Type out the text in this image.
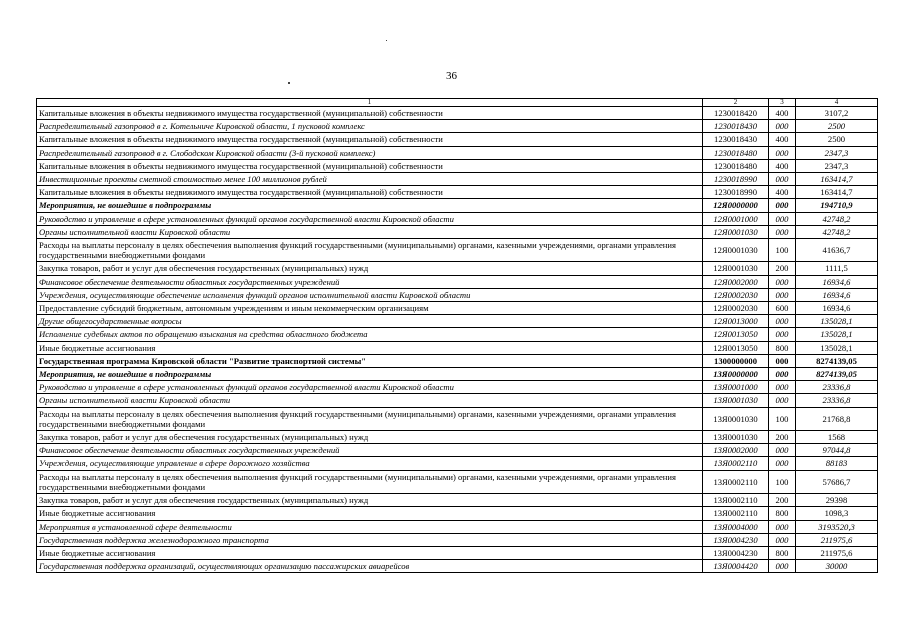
36
1	2	3	4
Капитальные вложения в объекты недвижимого имущества государственной (муниципальной) собственности	1230018420	400	3107,2
Распределительный газопровод в г. Котельниче Кировской области, 1 пусковой комплекс	1230018430	000	2500
Капитальные вложения в объекты недвижимого имущества государственной (муниципальной) собственности	1230018430	400	2500
Распределительный газопровод в г. Слободском Кировской области (3-й пусковой комплекс)	1230018480	000	2347,3
Капитальные вложения в объекты недвижимого имущества государственной (муниципальной) собственности	1230018480	400	2347,3
Инвестиционные проекты сметной стоимостью менее 100 миллионов рублей	1230018990	000	163414,7
Капитальные вложения в объекты недвижимого имущества государственной (муниципальной) собственности	1230018990	400	163414,7
Мероприятия, не вошедшие в подпрограммы	12Я0000000	000	194710,9
Руководство и управление в сфере установленных функций органов государственной власти Кировской области	12Я0001000	000	42748,2
Органы исполнительной власти Кировской области	12Я0001030	000	42748,2
Расходы на выплаты персоналу в целях обеспечения выполнения функций государственными (муниципальными) органами, казенными учреждениями, органами управления государственными внебюджетными фондами	12Я0001030	100	41636,7
Закупка товаров, работ и услуг для обеспечения государственных (муниципальных) нужд	12Я0001030	200	1111,5
Финансовое обеспечение деятельности областных государственных учреждений	12Я0002000	000	16934,6
Учреждения, осуществляющие обеспечение исполнения функций органов исполнительной власти Кировской области	12Я0002030	000	16934,6
Предоставление субсидий бюджетным, автономным учреждениям и иным некоммерческим организациям	12Я0002030	600	16934,6
Другие общегосударственные вопросы	12Я0013000	000	135028,1
Исполнение судебных актов по обращению взыскания на средства областного бюджета	12Я0013050	000	135028,1
Иные бюджетные ассигнования	12Я0013050	800	135028,1
Государственная программа Кировской области "Развитие транспортной системы"	1300000000	000	8274139,05
Мероприятия, не вошедшие в подпрограммы	13Я0000000	000	8274139,05
Руководство и управление в сфере установленных функций органов государственной власти Кировской области	13Я0001000	000	23336,8
Органы исполнительной власти Кировской области	13Я0001030	000	23336,8
Расходы на выплаты персоналу в целях обеспечения выполнения функций государственными (муниципальными) органами, казенными учреждениями, органами управления государственными внебюджетными фондами	13Я0001030	100	21768,8
Закупка товаров, работ и услуг для обеспечения государственных (муниципальных) нужд	13Я0001030	200	1568
Финансовое обеспечение деятельности областных государственных учреждений	13Я0002000	000	97044,8
Учреждения, осуществляющие управление в сфере дорожного хозяйства	13Я0002110	000	88183
Расходы на выплаты персоналу в целях обеспечения выполнения функций государственными (муниципальными) органами, казенными учреждениями, органами управления государственными внебюджетными фондами	13Я0002110	100	57686,7
Закупка товаров, работ и услуг для обеспечения государственных (муниципальных) нужд	13Я0002110	200	29398
Иные бюджетные ассигнования	13Я0002110	800	1098,3
Мероприятия в установленной сфере деятельности	13Я0004000	000	3193520,3
Государственная поддержка железнодорожного транспорта	13Я0004230	000	211975,6
Иные бюджетные ассигнования	13Я0004230	800	211975,6
Государственная поддержка организаций, осуществляющих организацию пассажирских авиарейсов	13Я0004420	000	30000
